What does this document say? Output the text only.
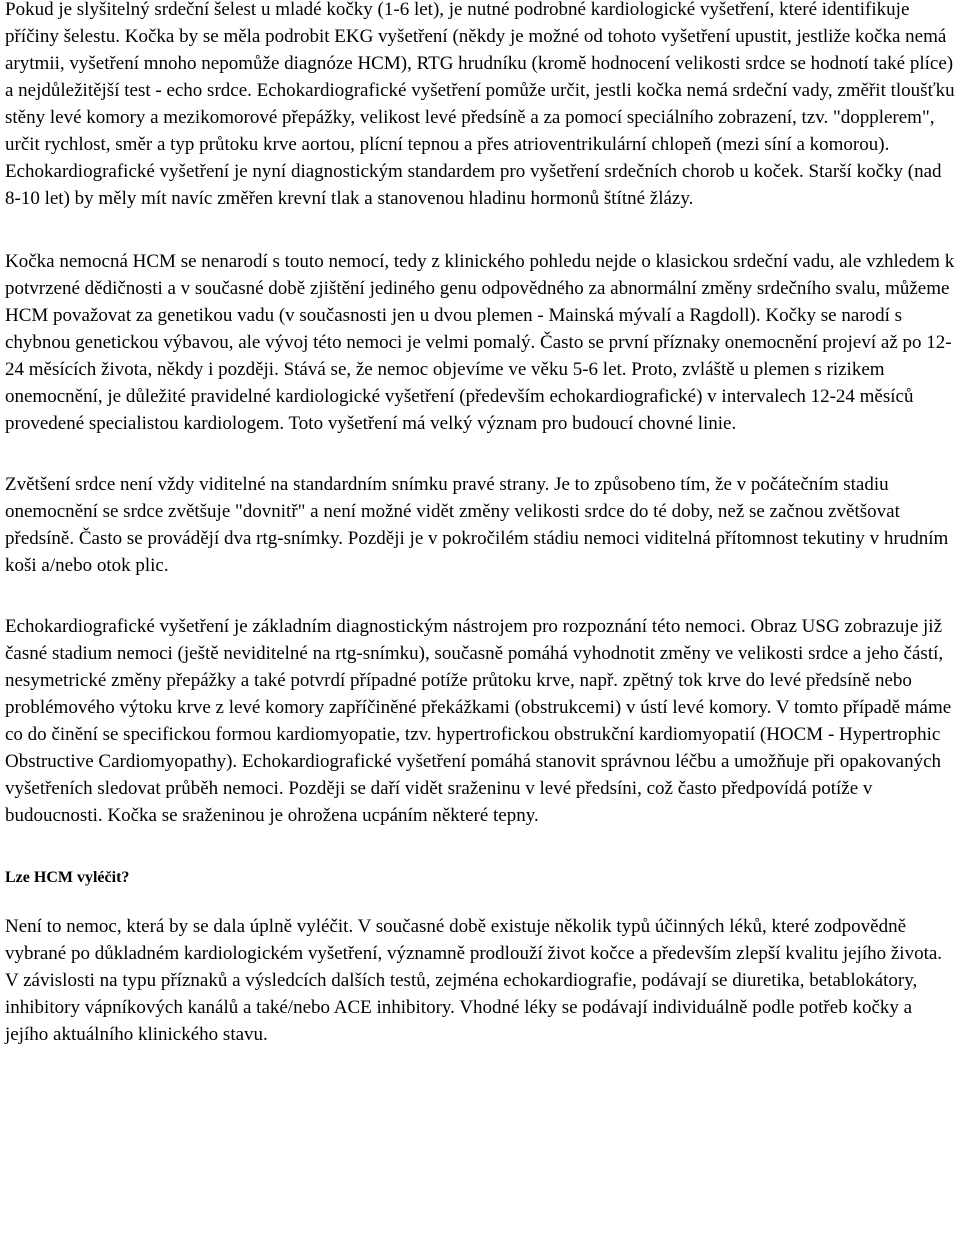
Pokud je slyšitelný srdeční šelest u mladé kočky (1-6 let), je nutné podrobné kardiologické vyšetření, které identifikuje příčiny šelestu. Kočka by se měla podrobit EKG vyšetření (někdy je možné od tohoto vyšetření upustit, jestliže kočka nemá arytmii, vyšetření mnoho nepomůže diagnóze HCM), RTG hrudníku (kromě hodnocení velikosti srdce se hodnotí také plíce) a nejdůležitější test - echo srdce. Echokardiografické vyšetření pomůže určit, jestli kočka nemá srdeční vady, změřit tloušťku stěny levé komory a mezikomorové přepážky, velikost levé předsíně a za pomocí speciálního zobrazení, tzv. "dopplerem", určit rychlost, směr a typ průtoku krve aortou, plícní tepnou a přes atrioventrikulární chlopeň (mezi síní a komorou). Echokardiografické vyšetření je nyní diagnostickým standardem pro vyšetření srdečních chorob u koček. Starší kočky (nad 8-10 let) by měly mít navíc změřen krevní tlak a stanovenou hladinu hormonů štítné žlázy.

Kočka nemocná HCM se nenarodí s touto nemocí, tedy z klinického pohledu nejde o klasickou srdeční vadu, ale vzhledem k potvrzené dědičnosti a v současné době zjištění jediného genu odpovědného za abnormální změny srdečního svalu, můžeme HCM považovat za genetikou vadu (v současnosti jen u dvou plemen - Mainská mývalí a Ragdoll). Kočky se narodí s chybnou genetickou výbavou, ale vývoj této nemoci je velmi pomalý. Často se první příznaky onemocnění projeví až po 12-24 měsících života, někdy i později. Stává se, že nemoc objevíme ve věku 5-6 let. Proto, zvláště u plemen s rizikem onemocnění, je důležité pravidelné kardiologické vyšetření (především echokardiografické) v intervalech 12-24 měsíců provedené specialistou kardiologem. Toto vyšetření má velký význam pro budoucí chovné linie.

Zvětšení srdce není vždy viditelné na standardním snímku pravé strany. Je to způsobeno tím, že v počátečním stadiu onemocnění se srdce zvětšuje "dovnitř" a není možné vidět změny velikosti srdce do té doby, než se začnou zvětšovat předsíně. Často se provádějí dva rtg-snímky. Později je v pokročilém stádiu nemoci viditelná přítomnost tekutiny v hrudním koši a/nebo otok plic.

Echokardiografické vyšetření je základním diagnostickým nástrojem pro rozpoznání této nemoci. Obraz USG zobrazuje již časné stadium nemoci (ještě neviditelné na rtg-snímku), současně pomáhá vyhodnotit změny ve velikosti srdce a jeho částí, nesymetrické změny přepážky a také potvrdí případné potíže průtoku krve, např. zpětný tok krve do levé předsíně nebo problémového výtoku krve z levé komory zapříčiněné překážkami (obstrukcemi) v ústí levé komory. V tomto případě máme co do činění se specifickou formou kardiomyopatie, tzv. hypertrofickou obstrukční kardiomyopatií (HOCM - Hypertrophic Obstructive Cardiomyopathy). Echokardiografické vyšetření pomáhá stanovit správnou léčbu a umožňuje při opakovaných vyšetřeních sledovat průběh nemoci. Později se daří vidět sraženinu v levé předsíni, což často předpovídá potíže v budoucnosti. Kočka se sraženinou je ohrožena ucpáním některé tepny.

Lze HCM vyléčit?

Není to nemoc, která by se dala úplně vyléčit. V současné době existuje několik typů účinných léků, které zodpovědně vybrané po důkladném kardiologickém vyšetření, významně prodlouží život kočce a především zlepší kvalitu jejího života. V závislosti na typu příznaků a výsledcích dalších testů, zejména echokardiografie, podávají se diuretika, betablokátory, inhibitory vápníkových kanálů a také/nebo ACE inhibitory. Vhodné léky se podávají individuálně podle potřeb kočky a jejího aktuálního klinického stavu.
